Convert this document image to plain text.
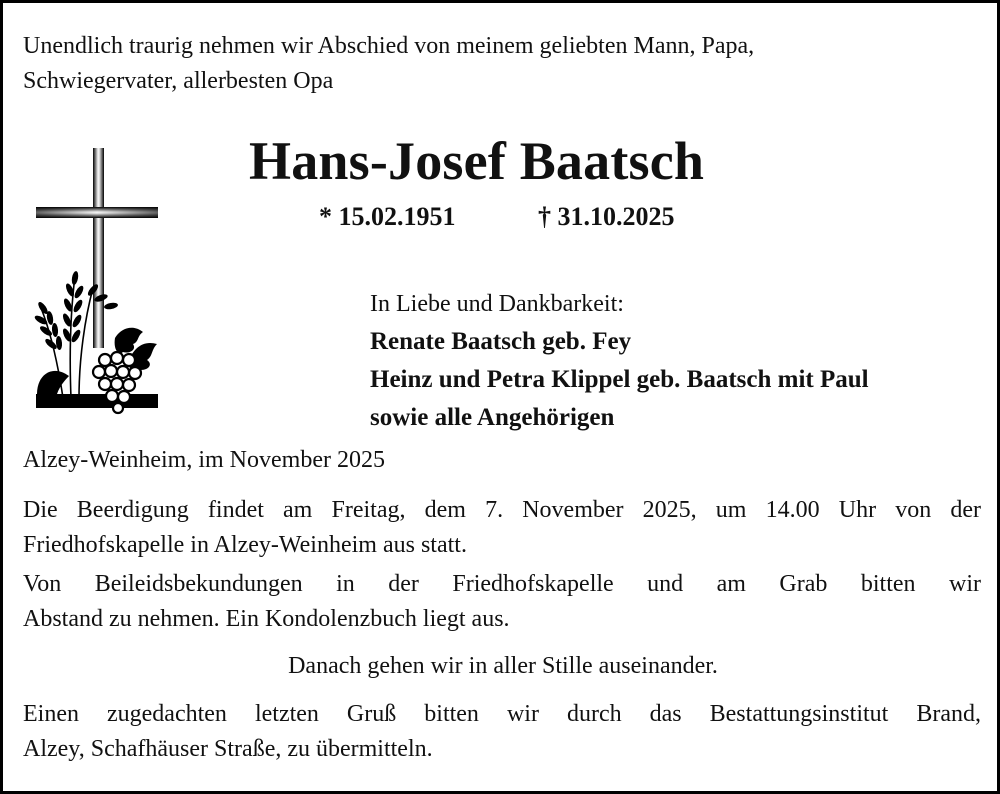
Unendlich traurig nehmen wir Abschied von meinem geliebten Mann, Papa,
Schwiegervater, allerbesten Opa

Hans-Josef Baatsch
* 15.02.1951	† 31.10.2025
In Liebe und Dankbarkeit:
Renate Baatsch geb. Fey
Heinz und Petra Klippel geb. Baatsch mit Paul
sowie alle Angehörigen

Alzey-Weinheim, im November 2025

Die Beerdigung findet am Freitag, dem 7. November 2025, um 14.00 Uhr von der
Friedhofskapelle in Alzey-Weinheim aus statt.

Von Beileidsbekundungen in der Friedhofskapelle und am Grab bitten wir
Abstand zu nehmen. Ein Kondolenzbuch liegt aus.

Danach gehen wir in aller Stille auseinander.

Einen zugedachten letzten Gruß bitten wir durch das Bestattungsinstitut Brand,
Alzey, Schafhäuser Straße, zu übermitteln.
